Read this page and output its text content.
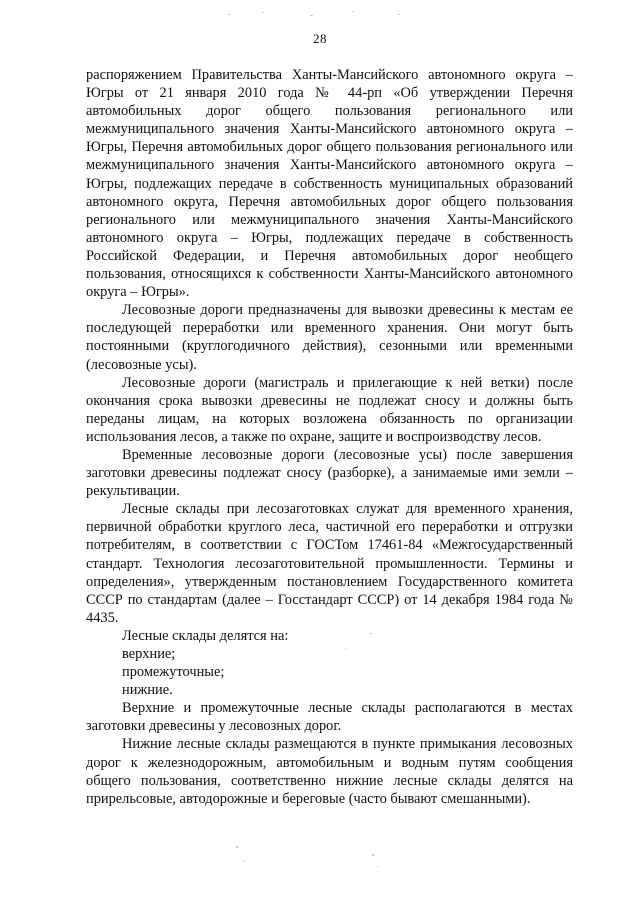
28

распоряжением Правительства Ханты-Мансийского автономного округа – Югры от 21 января 2010 года № 44-рп «Об утверждении Перечня автомобильных дорог общего пользования регионального или межмуниципального значения Ханты-Мансийского автономного округа – Югры, Перечня автомобильных дорог общего пользования регионального или межмуниципального значения Ханты-Мансийского автономного округа – Югры, подлежащих передаче в собственность муниципальных образований автономного округа, Перечня автомобильных дорог общего пользования регионального или межмуниципального значения Ханты-Мансийского автономного округа – Югры, подлежащих передаче в собственность Российской Федерации, и Перечня автомобильных дорог необщего пользования, относящихся к собственности Ханты-Мансийского автономного округа – Югры».

Лесовозные дороги предназначены для вывозки древесины к местам ее последующей переработки или временного хранения. Они могут быть постоянными (круглогодичного действия), сезонными или временными (лесовозные усы).

Лесовозные дороги (магистраль и прилегающие к ней ветки) после окончания срока вывозки древесины не подлежат сносу и должны быть переданы лицам, на которых возложена обязанность по организации использования лесов, а также по охране, защите и воспроизводству лесов.

Временные лесовозные дороги (лесовозные усы) после завершения заготовки древесины подлежат сносу (разборке), а занимаемые ими земли – рекультивации.

Лесные склады при лесозаготовках служат для временного хранения, первичной обработки круглого леса, частичной его переработки и отгрузки потребителям, в соответствии с ГОСТом 17461-84 «Межгосударственный стандарт. Технология лесозаготовительной промышленности. Термины и определения», утвержденным постановлением Государственного комитета СССР по стандартам (далее – Госстандарт СССР) от 14 декабря 1984 года № 4435.

Лесные склады делятся на:

верхние;

промежуточные;

нижние.

Верхние и промежуточные лесные склады располагаются в местах заготовки древесины у лесовозных дорог.

Нижние лесные склады размещаются в пункте примыкания лесовозных дорог к железнодорожным, автомобильным и водным путям сообщения общего пользования, соответственно нижние лесные склады делятся на прирельсовые, автодорожные и береговые (часто бывают смешанными).
